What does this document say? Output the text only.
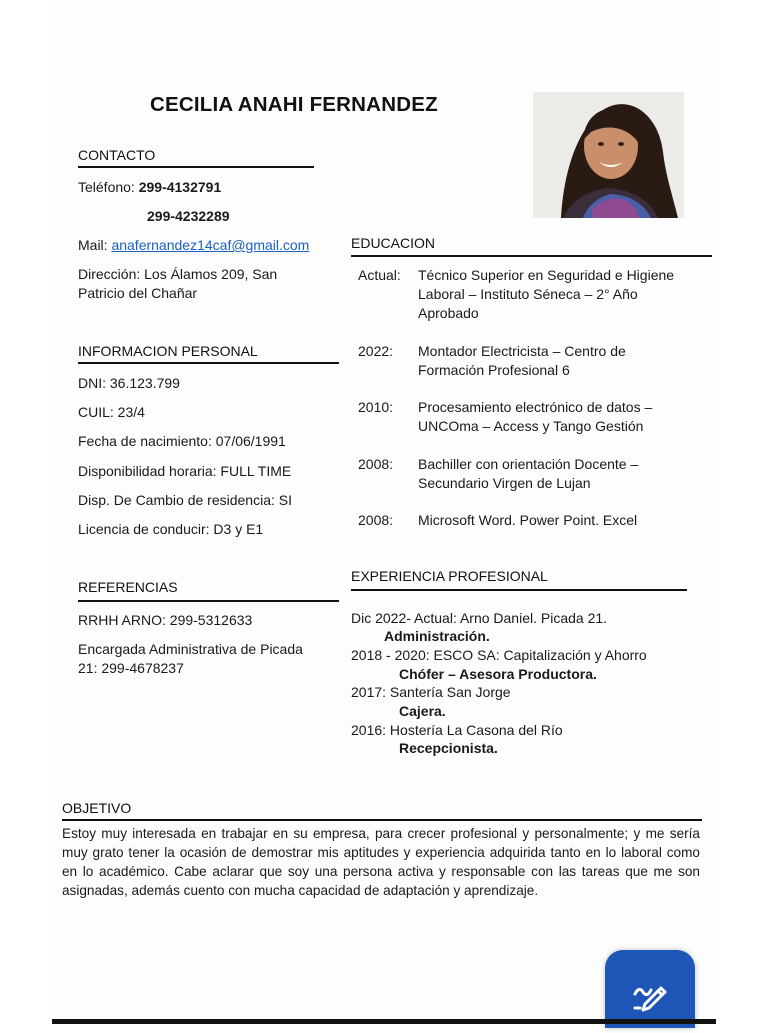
CECILIA ANAHI FERNANDEZ
CONTACTO
Teléfono: 299-4132791
299-4232289
Mail: anafernandez14caf@gmail.com
Dirección: Los Álamos 209, San
Patricio del Chañar
INFORMACION PERSONAL
DNI: 36.123.799
CUIL: 23/4
Fecha de nacimiento: 07/06/1991
Disponibilidad horaria: FULL TIME
Disp. De Cambio de residencia: SI
Licencia de conducir: D3 y E1
REFERENCIAS
RRHH ARNO: 299-5312633
Encargada Administrativa de Picada
21: 299-4678237
EDUCACION
Actual: Técnico Superior en Seguridad e Higiene
Laboral – Instituto Séneca – 2° Año
Aprobado
2022: Montador Electricista – Centro de
Formación Profesional 6
2010: Procesamiento electrónico de datos –
UNCOma – Access y Tango Gestión
2008: Bachiller con orientación Docente –
Secundario Virgen de Lujan
2008: Microsoft Word. Power Point. Excel
EXPERIENCIA PROFESIONAL
Dic 2022- Actual: Arno Daniel. Picada 21.
Administración.
2018 - 2020: ESCO SA: Capitalización y Ahorro
Chófer – Asesora Productora.
2017: Santería San Jorge
Cajera.
2016: Hostería La Casona del Río
Recepcionista.
OBJETIVO
Estoy muy interesada en trabajar en su empresa, para crecer profesional y personalmente; y me sería muy grato tener la ocasión de demostrar mis aptitudes y experiencia adquirida tanto en lo laboral como en lo académico. Cabe aclarar que soy una persona activa y responsable con las tareas que me son asignadas, además cuento con mucha capacidad de adaptación y aprendizaje.
